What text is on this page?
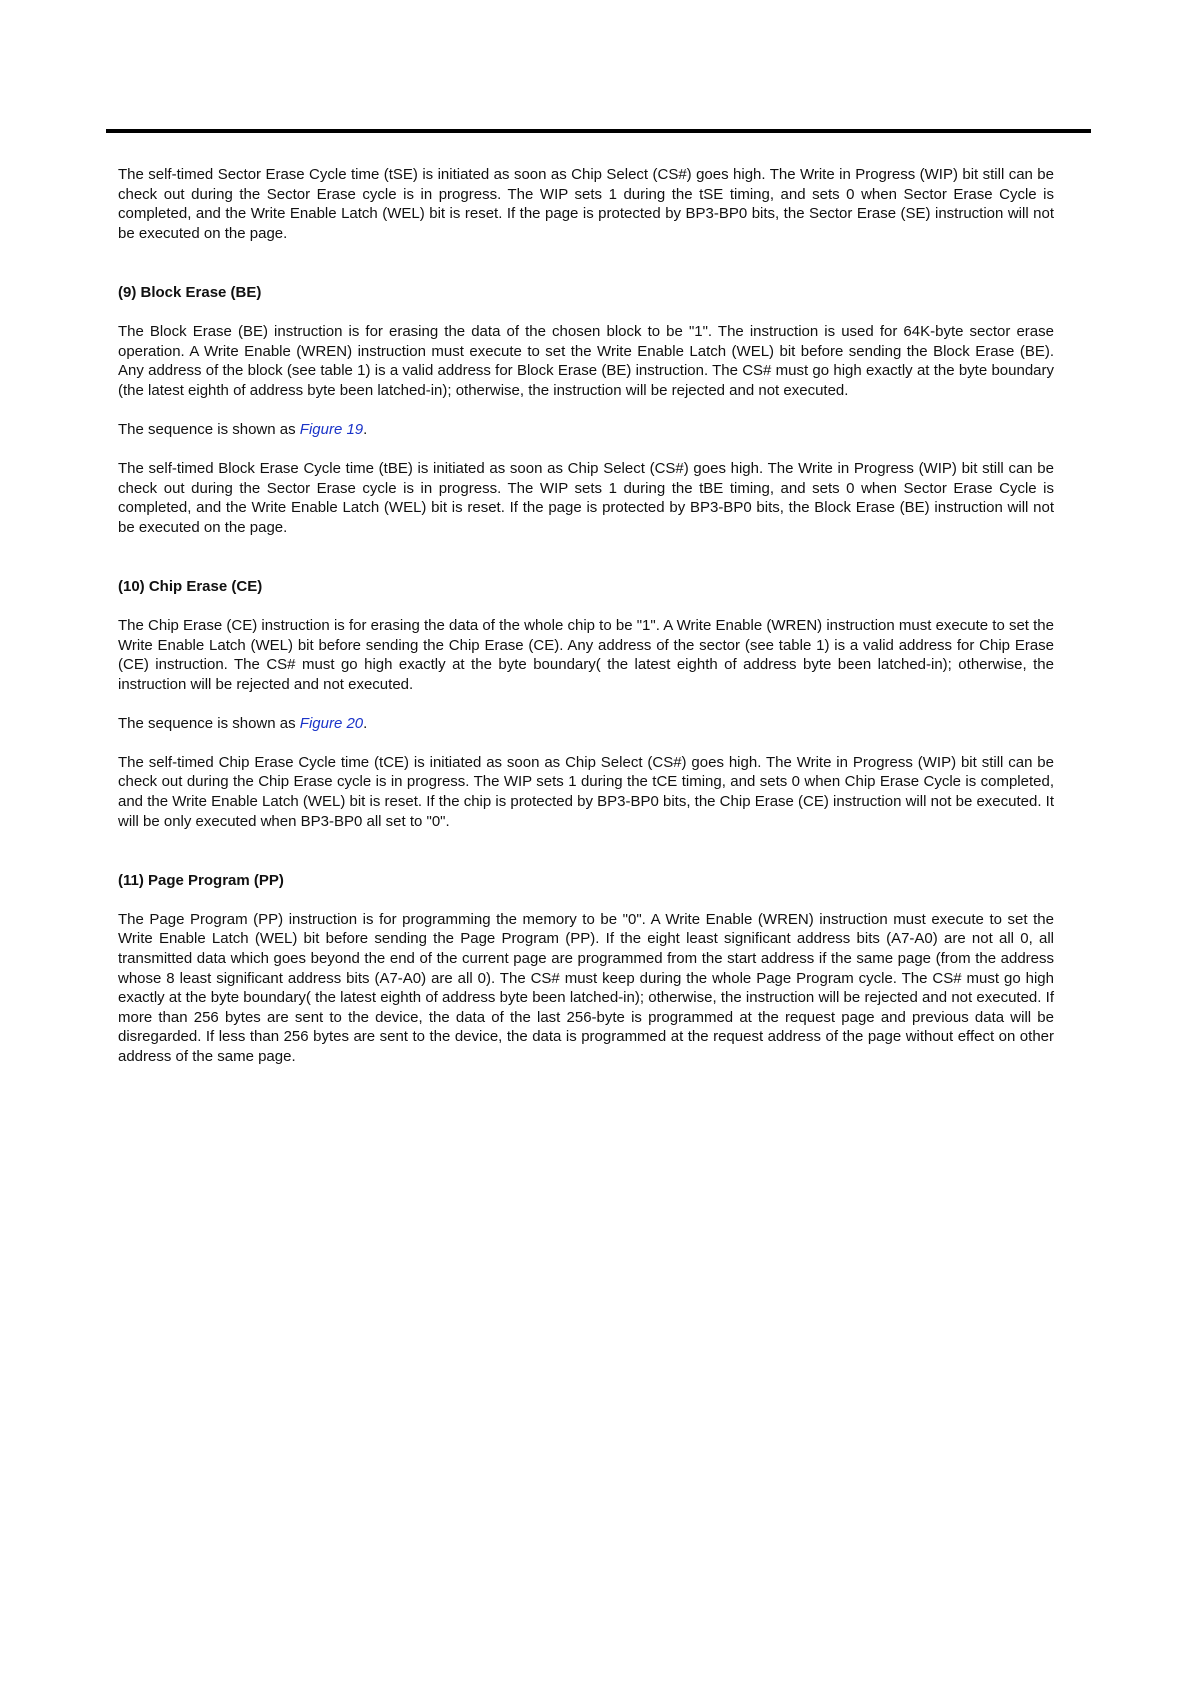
The self-timed Sector Erase Cycle time (tSE) is initiated as soon as Chip Select (CS#) goes high. The Write in Progress (WIP) bit still can be check out during the Sector Erase cycle is in progress. The WIP sets 1 during the tSE timing, and sets 0 when Sector Erase Cycle is completed, and the Write Enable Latch (WEL) bit is reset. If the page is protected by BP3-BP0 bits, the Sector Erase (SE) instruction will not be executed on the page.

(9) Block Erase (BE)

The Block Erase (BE) instruction is for erasing the data of the chosen block to be "1". The instruction is used for 64K-byte sector erase operation. A Write Enable (WREN) instruction must execute to set the Write Enable Latch (WEL) bit before sending the Block Erase (BE). Any address of the block (see table 1) is a valid address for Block Erase (BE) instruction. The CS# must go high exactly at the byte boundary (the latest eighth of address byte been latched-in); otherwise, the instruction will be rejected and not executed.

The sequence is shown as Figure 19.

The self-timed Block Erase Cycle time (tBE) is initiated as soon as Chip Select (CS#) goes high. The Write in Progress (WIP) bit still can be check out during the Sector Erase cycle is in progress. The WIP sets 1 during the tBE timing, and sets 0 when Sector Erase Cycle is completed, and the Write Enable Latch (WEL) bit is reset. If the page is protected by BP3-BP0 bits, the Block Erase (BE) instruction will not be executed on the page.

(10) Chip Erase (CE)

The Chip Erase (CE) instruction is for erasing the data of the whole chip to be "1". A Write Enable (WREN) instruction must execute to set the Write Enable Latch (WEL) bit before sending the Chip Erase (CE). Any address of the sector (see table 1) is a valid address for Chip Erase (CE) instruction. The CS# must go high exactly at the byte boundary( the latest eighth of address byte been latched-in); otherwise, the instruction will be rejected and not executed.

The sequence is shown as Figure 20.

The self-timed Chip Erase Cycle time (tCE) is initiated as soon as Chip Select (CS#) goes high. The Write in Progress (WIP) bit still can be check out during the Chip Erase cycle is in progress. The WIP sets 1 during the tCE timing, and sets 0 when Chip Erase Cycle is completed, and the Write Enable Latch (WEL) bit is reset. If the chip is protected by BP3-BP0 bits, the Chip Erase (CE) instruction will not be executed. It will be only executed when BP3-BP0 all set to "0".

(11) Page Program (PP)

The Page Program (PP) instruction is for programming the memory to be "0". A Write Enable (WREN) instruction must execute to set the Write Enable Latch (WEL) bit before sending the Page Program (PP). If the eight least significant address bits (A7-A0) are not all 0, all transmitted data which goes beyond the end of the current page are programmed from the start address if the same page (from the address whose 8 least significant address bits (A7-A0) are all 0). The CS# must keep during the whole Page Program cycle. The CS# must go high exactly at the byte boundary( the latest eighth of address byte been latched-in); otherwise, the instruction will be rejected and not executed. If more than 256 bytes are sent to the device, the data of the last 256-byte is programmed at the request page and previous data will be disregarded. If less than 256 bytes are sent to the device, the data is programmed at the request address of the page without effect on other address of the same page.
